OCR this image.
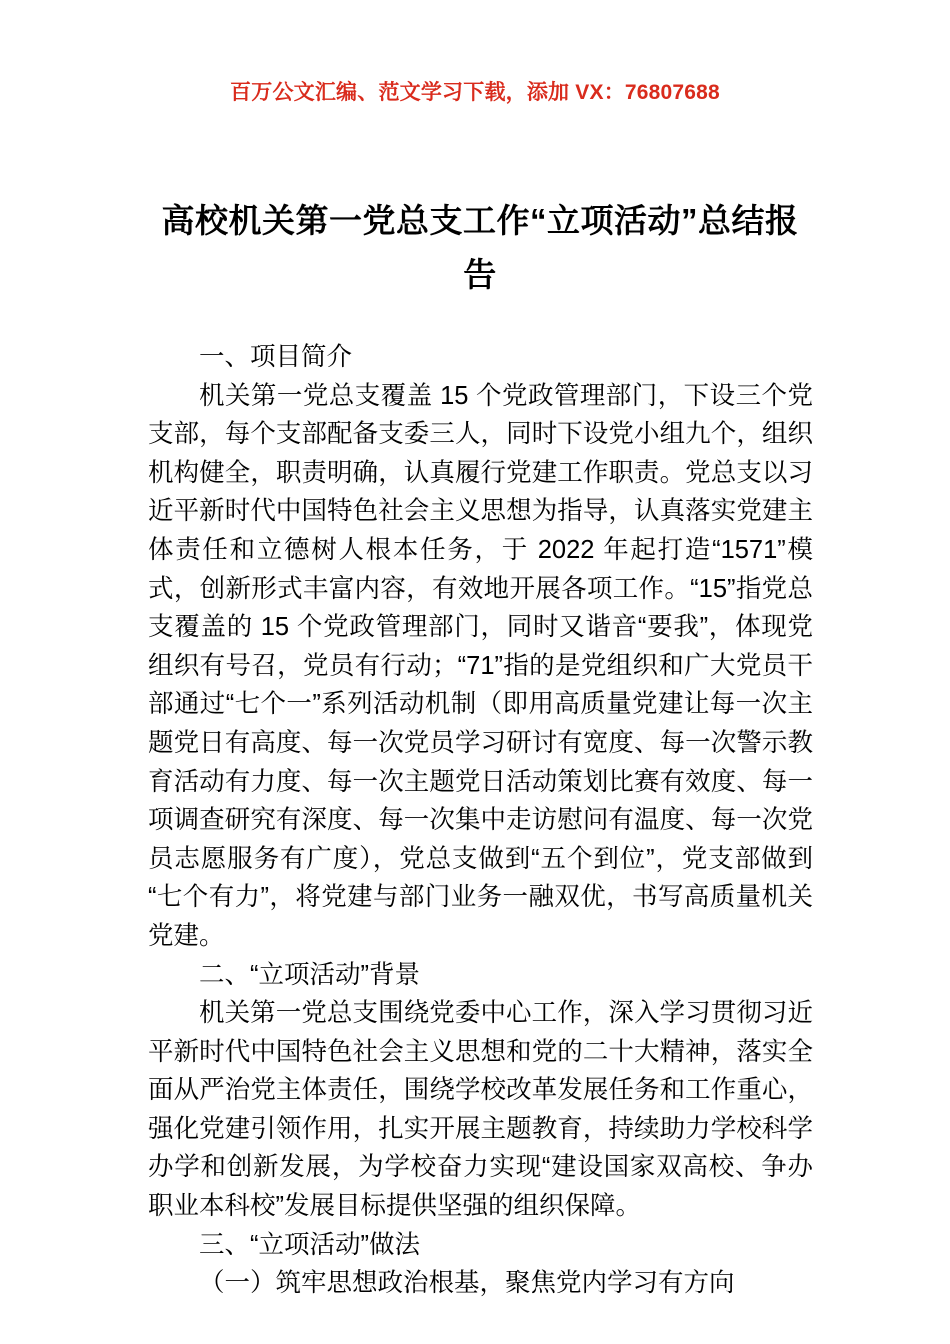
百万公文汇编、范文学习下载，添加 VX：76807688
高校机关第一党总支工作“立项活动”总结报告

一、项目简介

机关第一党总支覆盖 15 个党政管理部门，下设三个党支部，每个支部配备支委三人，同时下设党小组九个，组织机构健全，职责明确，认真履行党建工作职责。党总支以习近平新时代中国特色社会主义思想为指导，认真落实党建主体责任和立德树人根本任务，于 2022 年起打造“1571”模式，创新形式丰富内容，有效地开展各项工作。“15”指党总支覆盖的 15 个党政管理部门，同时又谐音“要我”，体现党组织有号召，党员有行动；“71”指的是党组织和广大党员干部通过“七个一”系列活动机制（即用高质量党建让每一次主题党日有高度、每一次党员学习研讨有宽度、每一次警示教育活动有力度、每一次主题党日活动策划比赛有效度、每一项调查研究有深度、每一次集中走访慰问有温度、每一次党员志愿服务有广度），党总支做到“五个到位”，党支部做到“七个有力”，将党建与部门业务一融双优，书写高质量机关党建。

二、“立项活动”背景

机关第一党总支围绕党委中心工作，深入学习贯彻习近平新时代中国特色社会主义思想和党的二十大精神，落实全面从严治党主体责任，围绕学校改革发展任务和工作重心，强化党建引领作用，扎实开展主题教育，持续助力学校科学办学和创新发展，为学校奋力实现“建设国家双高校、争办职业本科校”发展目标提供坚强的组织保障。

三、“立项活动”做法

（一）筑牢思想政治根基，聚焦党内学习有方向
